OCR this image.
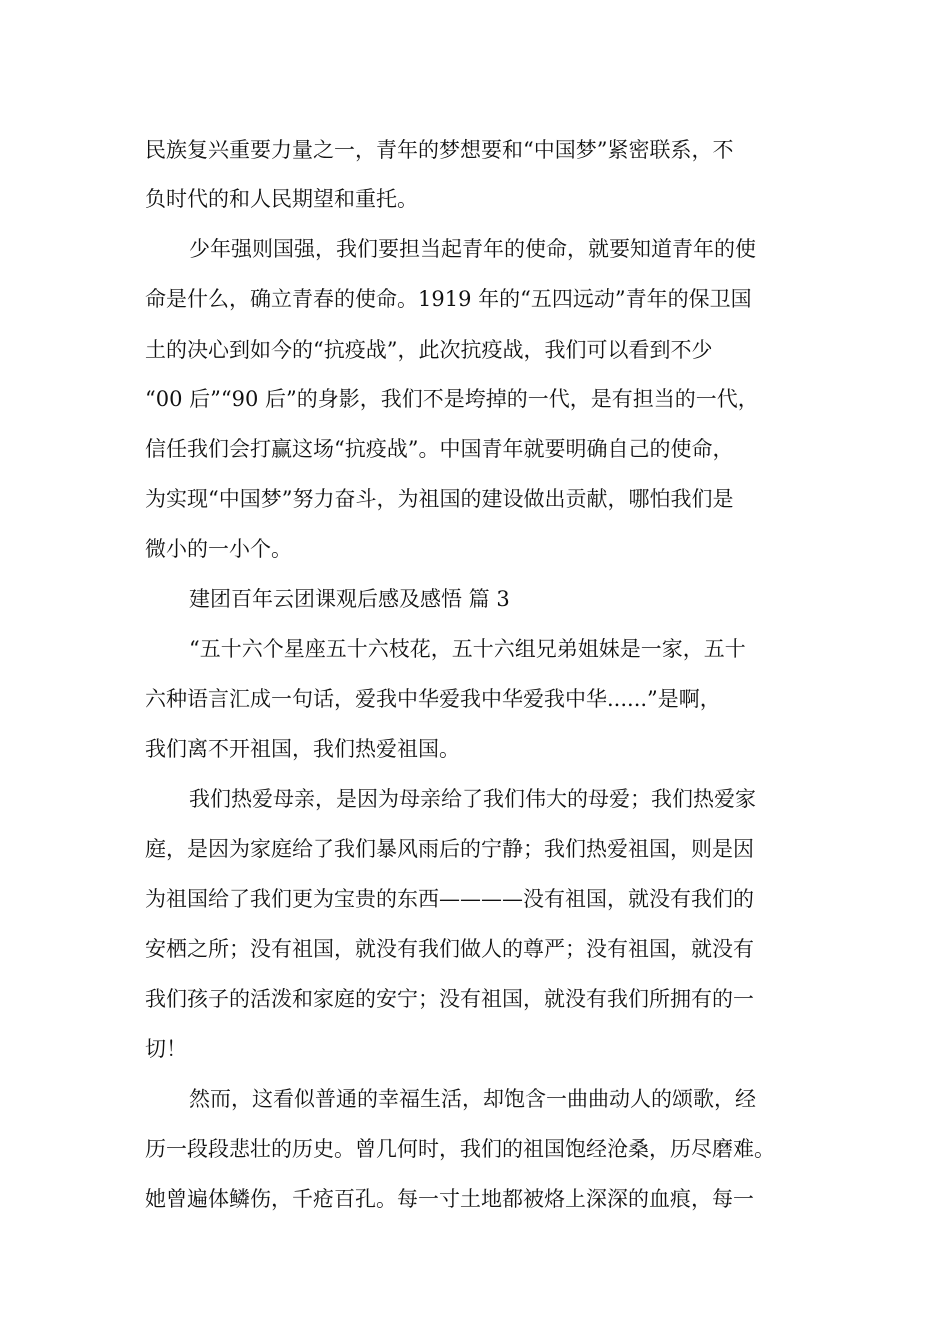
民族复兴重要力量之一，青年的梦想要和“中国梦”紧密联系，不
负时代的和人民期望和重托。
少年强则国强，我们要担当起青年的使命，就要知道青年的使
命是什么，确立青春的使命。1919 年的“五四远动”青年的保卫国
土的决心到如今的“抗疫战”，此次抗疫战，我们可以看到不少
“00 后”“90 后”的身影，我们不是垮掉的一代，是有担当的一代，
信任我们会打赢这场“抗疫战”。中国青年就要明确自己的使命，
为实现“中国梦”努力奋斗，为祖国的建设做出贡献，哪怕我们是
微小的一小个。
建团百年云团课观后感及感悟 篇 3
“五十六个星座五十六枝花，五十六组兄弟姐妹是一家，五十
六种语言汇成一句话，爱我中华爱我中华爱我中华......”是啊，
我们离不开祖国，我们热爱祖国。
我们热爱母亲，是因为母亲给了我们伟大的母爱；我们热爱家
庭，是因为家庭给了我们暴风雨后的宁静；我们热爱祖国，则是因
为祖国给了我们更为宝贵的东西————没有祖国，就没有我们的
安栖之所；没有祖国，就没有我们做人的尊严；没有祖国，就没有
我们孩子的活泼和家庭的安宁；没有祖国，就没有我们所拥有的一
切！
然而，这看似普通的幸福生活，却饱含一曲曲动人的颂歌，经
历一段段悲壮的历史。曾几何时，我们的祖国饱经沧桑，历尽磨难。
她曾遍体鳞伤，千疮百孔。每一寸土地都被烙上深深的血痕，每一
